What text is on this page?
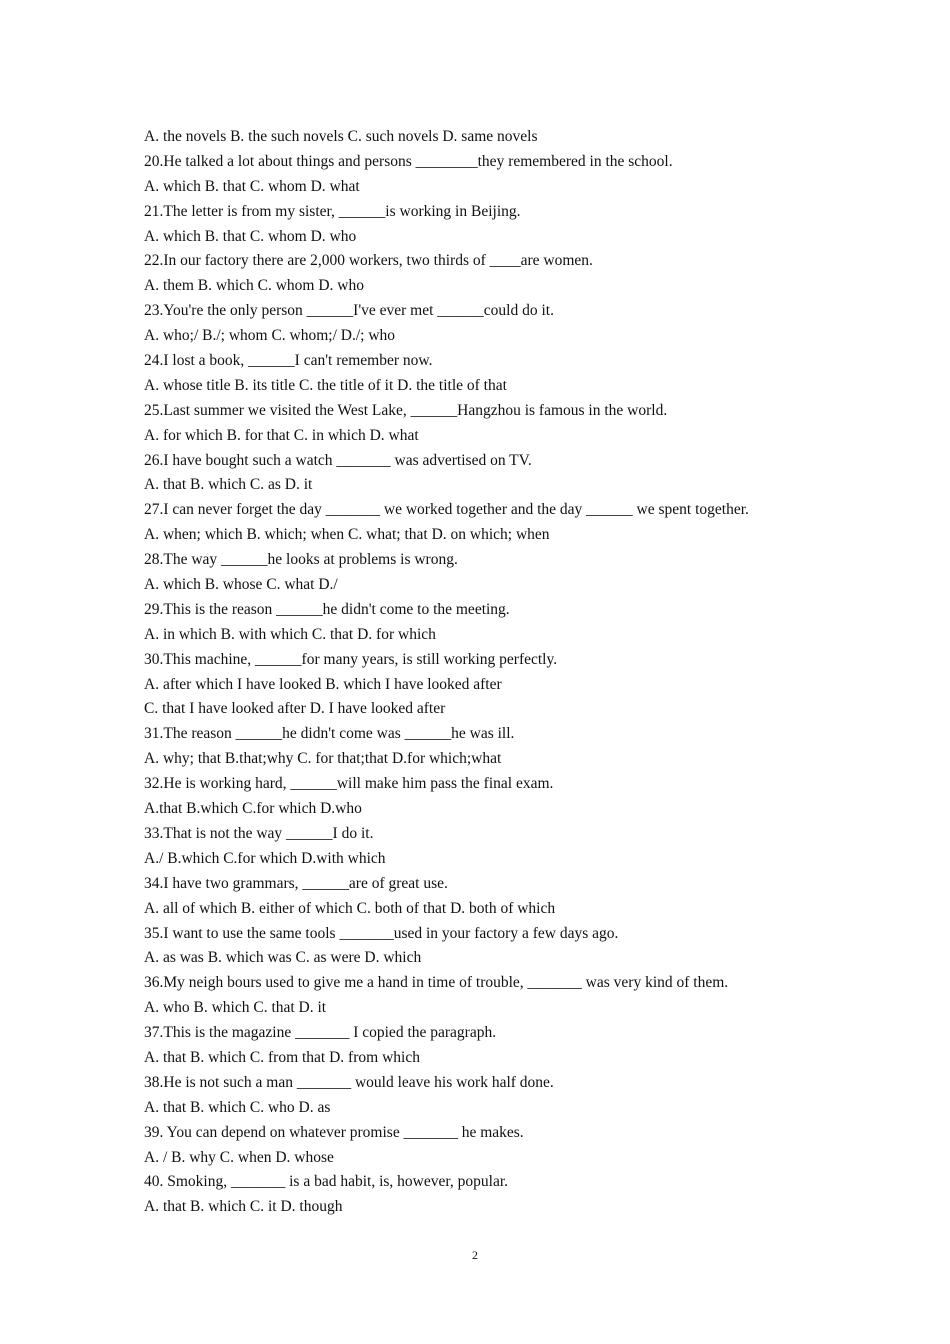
A. the novels B. the such novels C. such novels D. same novels
20.He talked a lot about things and persons ________they remembered in the school.
A. which B. that C. whom D. what
21.The letter is from my sister, ______is working in Beijing.
A. which B. that C. whom D. who
22.In our factory there are 2,000 workers, two thirds of ____are women.
A. them B. which C. whom D. who
23.You're the only person ______I've ever met ______could do it.
A. who;/ B./; whom C. whom;/ D./; who
24.I lost a book, ______I can't remember now.
A. whose title B. its title C. the title of it D. the title of that
25.Last summer we visited the West Lake, ______Hangzhou is famous in the world.
A. for which B. for that C. in which D. what
26.I have bought such a watch _______ was advertised on TV.
A. that B. which C. as D. it
27.I can never forget the day _______ we worked together and the day ______ we spent together.
A. when; which B. which; when C. what; that D. on which; when
28.The way ______he looks at problems is wrong.
A. which B. whose C. what D./
29.This is the reason ______he didn't come to the meeting.
A. in which B. with which C. that D. for which
30.This machine, ______for many years, is still working perfectly.
A. after which I have looked B. which I have looked after
C. that I have looked after D. I have looked after
31.The reason ______he didn't come was ______he was ill.
A. why; that B.that;why C. for that;that D.for which;what
32.He is working hard, ______will make him pass the final exam.
A.that B.which C.for which D.who
33.That is not the way ______I do it.
A./ B.which C.for which D.with which
34.I have two grammars, ______are of great use.
A. all of which B. either of which C. both of that D. both of which
35.I want to use the same tools _______used in your factory a few days ago.
A. as was B. which was C. as were D. which
36.My neigh bours used to give me a hand in time of trouble, _______ was very kind of them.
A. who B. which C. that D. it
37.This is the magazine _______ I copied the paragraph.
A. that B. which C. from that D. from which
38.He is not such a man _______ would leave his work half done.
A. that B. which C. who D. as
39. You can depend on whatever promise _______ he makes.
A. / B. why C. when D. whose
40. Smoking, _______ is a bad habit, is, however, popular.
A. that B. which C. it D. though
2
